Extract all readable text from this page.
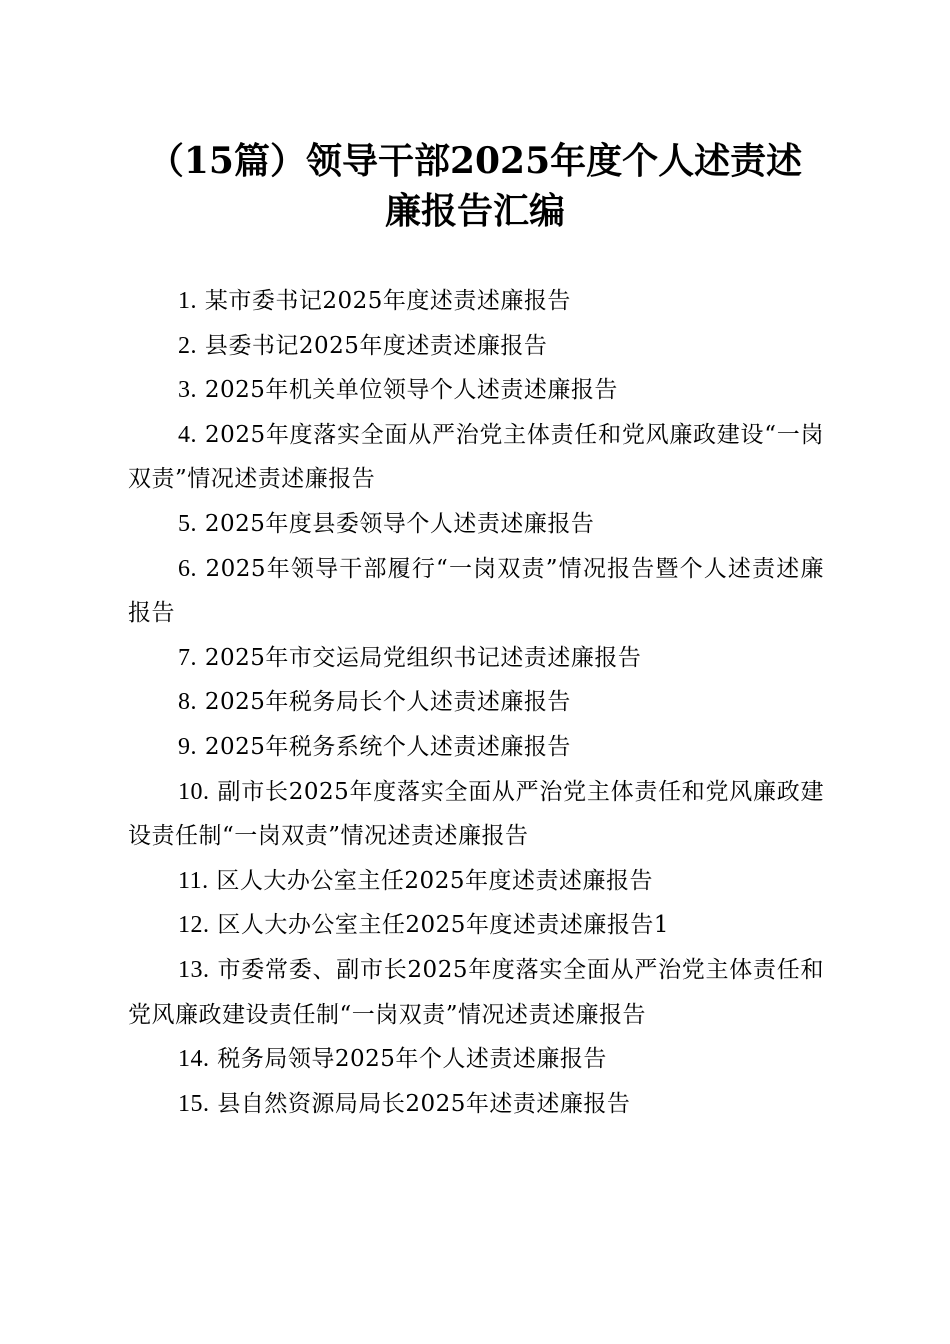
（15篇）领导干部2025年度个人述责述
廉报告汇编
1. 某市委书记2025年度述责述廉报告
2. 县委书记2025年度述责述廉报告
3. 2025年机关单位领导个人述责述廉报告
4. 2025年度落实全面从严治党主体责任和党风廉政建设“一岗双责”情况述责述廉报告
5. 2025年度县委领导个人述责述廉报告
6. 2025年领导干部履行“一岗双责”情况报告暨个人述责述廉报告
7. 2025年市交运局党组织书记述责述廉报告
8. 2025年税务局长个人述责述廉报告
9. 2025年税务系统个人述责述廉报告
10. 副市长2025年度落实全面从严治党主体责任和党风廉政建设责任制“一岗双责”情况述责述廉报告
11. 区人大办公室主任2025年度述责述廉报告
12. 区人大办公室主任2025年度述责述廉报告1
13. 市委常委、副市长2025年度落实全面从严治党主体责任和党风廉政建设责任制“一岗双责”情况述责述廉报告
14. 税务局领导2025年个人述责述廉报告
15. 县自然资源局局长2025年述责述廉报告
